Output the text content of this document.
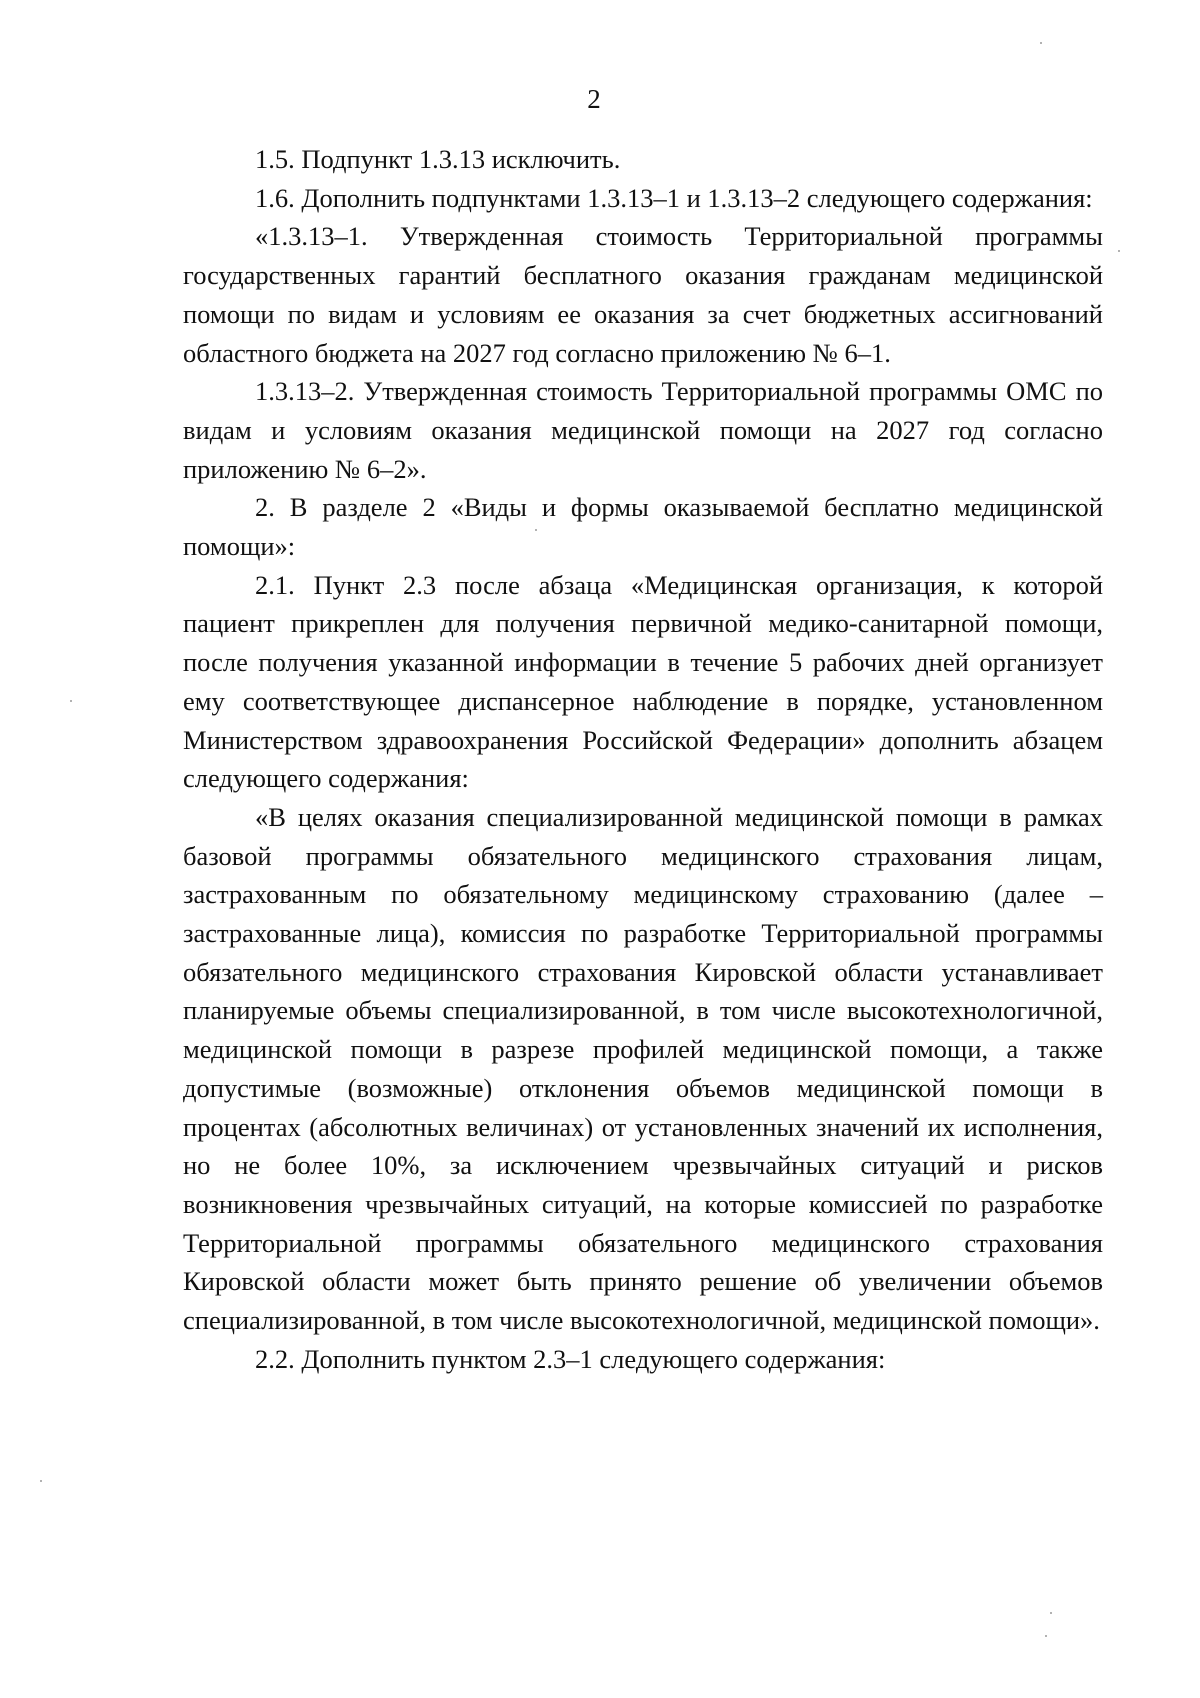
2

1.5. Подпункт 1.3.13 исключить.

1.6. Дополнить подпунктами 1.3.13–1 и 1.3.13–2 следующего содержания:

«1.3.13–1. Утвержденная стоимость Территориальной программы государственных гарантий бесплатного оказания гражданам медицинской помощи по видам и условиям ее оказания за счет бюджетных ассигнований областного бюджета на 2027 год согласно приложению № 6–1.

1.3.13–2. Утвержденная стоимость Территориальной программы ОМС по видам и условиям оказания медицинской помощи на 2027 год согласно приложению № 6–2».

2. В разделе 2 «Виды и формы оказываемой бесплатно медицинской помощи»:

2.1. Пункт 2.3 после абзаца «Медицинская организация, к которой пациент прикреплен для получения первичной медико-санитарной помощи, после получения указанной информации в течение 5 рабочих дней организует ему соответствующее диспансерное наблюдение в порядке, установленном Министерством здравоохранения Российской Федерации» дополнить абзацем следующего содержания:

«В целях оказания специализированной медицинской помощи в рамках базовой программы обязательного медицинского страхования лицам, застрахованным по обязательному медицинскому страхованию (далее – застрахованные лица), комиссия по разработке Территориальной программы обязательного медицинского страхования Кировской области устанавливает планируемые объемы специализированной, в том числе высокотехнологичной, медицинской помощи в разрезе профилей медицинской помощи, а также допустимые (возможные) отклонения объемов медицинской помощи в процентах (абсолютных величинах) от установленных значений их исполнения, но не более 10%, за исключением чрезвычайных ситуаций и рисков возникновения чрезвычайных ситуаций, на которые комиссией по разработке Территориальной программы обязательного медицинского страхования Кировской области может быть принято решение об увеличении объемов специализированной, в том числе высокотехнологичной, медицинской помощи».

2.2. Дополнить пунктом 2.3–1 следующего содержания:
